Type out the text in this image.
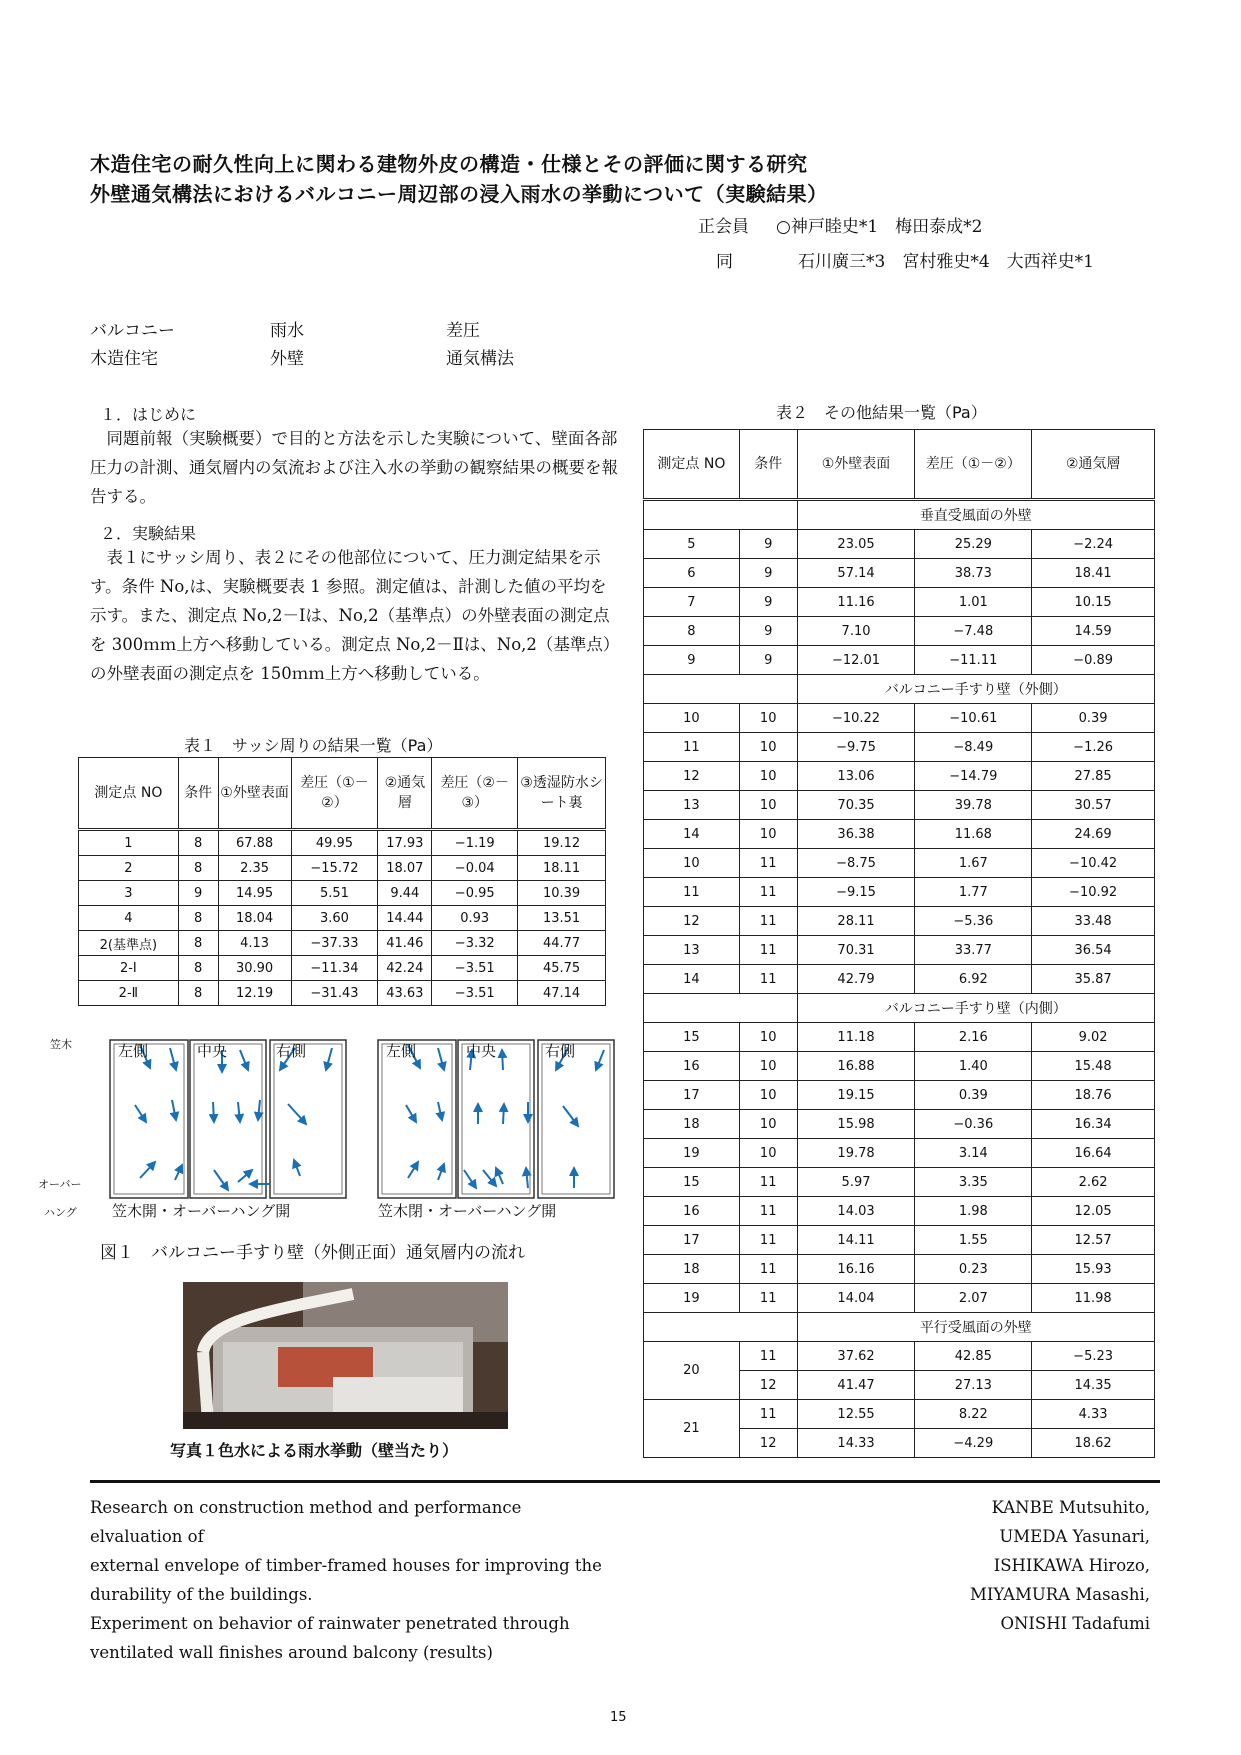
木造住宅の耐久性向上に関わる建物外皮の構造・仕様とその評価に関する研究
外壁通気構法におけるバルコニー周辺部の浸入雨水の挙動について（実験結果）
正会員 ○神戸睦史*1　梅田泰成*2
同	石川廣三*3　宮村雅史*4　大西祥史*1
バルコニー	雨水	差圧
木造住宅	外壁	通気構法
１．はじめに

同題前報（実験概要）で目的と方法を示した実験について、壁面各部圧力の計測、通気層内の気流および注入水の挙動の観察結果の概要を報告する。

２．実験結果

表１にサッシ周り、表２にその他部位について、圧力測定結果を示す。条件 No,は、実験概要表 1 参照。測定値は、計測した値の平均を示す。また、測定点 No,2－Ⅰは、No,2（基準点）の外壁表面の測定点を 300ｍｍ上方へ移動している。測定点 No,2－Ⅱは、No,2（基準点）の外壁表面の測定点を 150ｍｍ上方へ移動している。

表１　サッシ周りの結果一覧（Pa）
測定点 NO	条件	①外壁表面	差圧（①－②）	②通気層	差圧（②－③）	③透湿防水シート裏
1	8	67.88	49.95	17.93	−1.19	19.12
2	8	2.35	−15.72	18.07	−0.04	18.11
3	9	14.95	5.51	9.44	−0.95	10.39
4	8	18.04	3.60	14.44	0.93	13.51
2(基準点)	8	4.13	−37.33	41.46	−3.32	44.77
2-Ⅰ	8	30.90	−11.34	42.24	−3.51	45.75
2-Ⅱ	8	12.19	−31.43	43.63	−3.51	47.14
笠木
オーバー
ハング
左側	中央	右側	左側	中央	右側
笠木開・オーバーハング開	笠木閉・オーバーハング開
図１　バルコニー手すり壁（外側正面）通気層内の流れ
写真１色水による雨水挙動（壁当たり）
表２　その他結果一覧（Pa）
測定点 NO	条件	①外壁表面	差圧（①－②）	②通気層
		垂直受風面の外壁		
5	9	23.05	25.29	−2.24
6	9	57.14	38.73	18.41
7	9	11.16	1.01	10.15
8	9	7.10	−7.48	14.59
9	9	−12.01	−11.11	−0.89
		バルコニー手すり壁（外側）		
10	10	−10.22	−10.61	0.39
11	10	−9.75	−8.49	−1.26
12	10	13.06	−14.79	27.85
13	10	70.35	39.78	30.57
14	10	36.38	11.68	24.69
10	11	−8.75	1.67	−10.42
11	11	−9.15	1.77	−10.92
12	11	28.11	−5.36	33.48
13	11	70.31	33.77	36.54
14	11	42.79	6.92	35.87
		バルコニー手すり壁（内側）		
15	10	11.18	2.16	9.02
16	10	16.88	1.40	15.48
17	10	19.15	0.39	18.76
18	10	15.98	−0.36	16.34
19	10	19.78	3.14	16.64
15	11	5.97	3.35	2.62
16	11	14.03	1.98	12.05
17	11	14.11	1.55	12.57
18	11	16.16	0.23	15.93
19	11	14.04	2.07	11.98
		平行受風面の外壁		
20	11	37.62	42.85	−5.23
	12	41.47	27.13	14.35
21	11	12.55	8.22	4.33
	12	14.33	−4.29	18.62
Research on construction method and performance elvaluation of
external envelope of timber-framed houses for improving the
durability of the buildings.
Experiment on behavior of rainwater penetrated through
ventilated wall finishes around balcony (results)
KANBE Mutsuhito,
UMEDA Yasunari,
ISHIKAWA Hirozo,
MIYAMURA Masashi,
ONISHI Tadafumi
15
